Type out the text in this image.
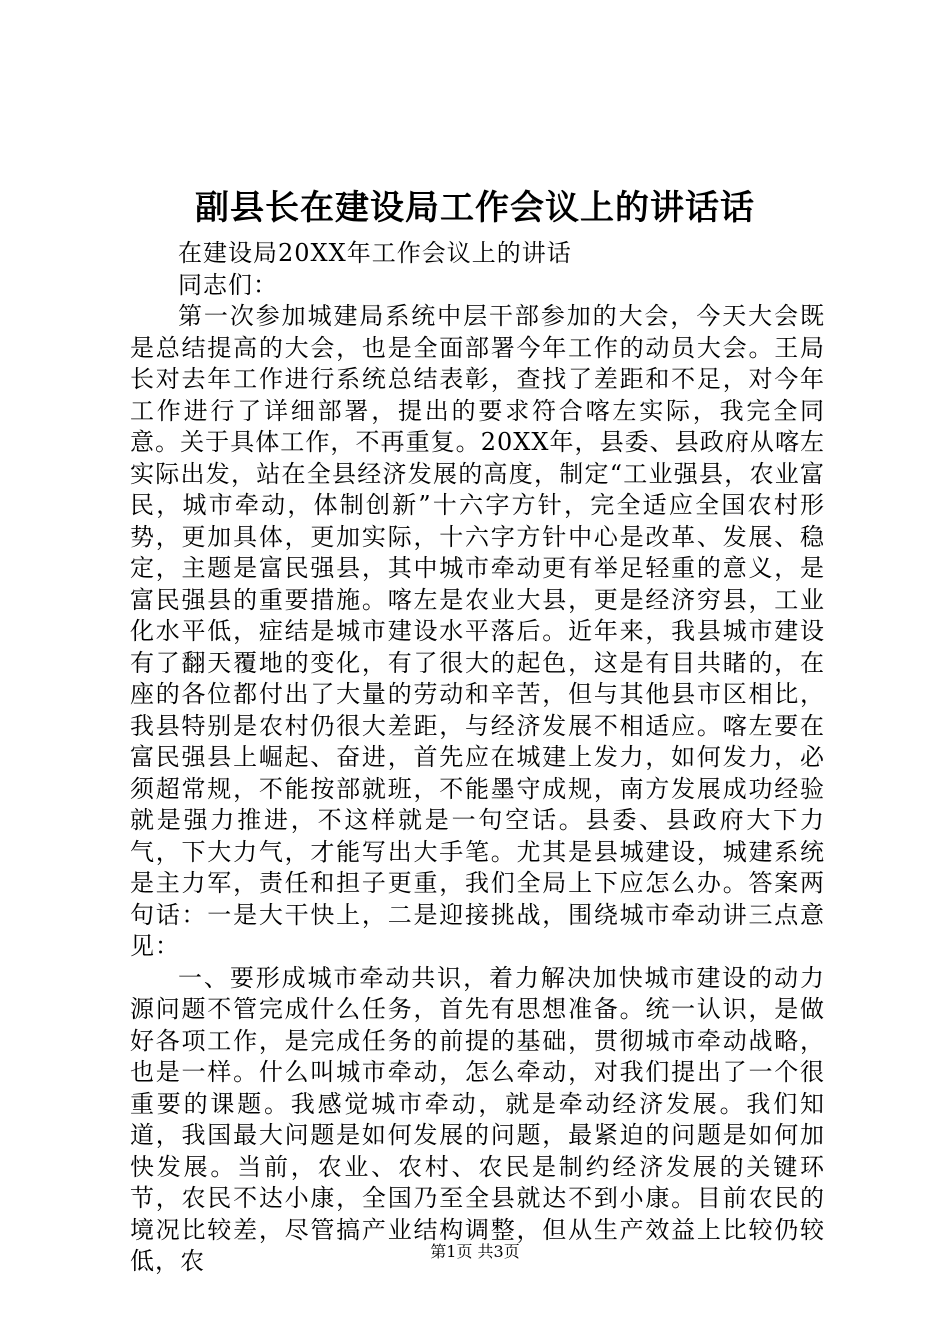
副县长在建设局工作会议上的讲话话

在建设局20XX年工作会议上的讲话

同志们：

第一次参加城建局系统中层干部参加的大会，今天大会既是总结提高的大会，也是全面部署今年工作的动员大会。王局长对去年工作进行系统总结表彰，查找了差距和不足，对今年工作进行了详细部署，提出的要求符合喀左实际，我完全同意。关于具体工作，不再重复。20XX年，县委、县政府从喀左实际出发，站在全县经济发展的高度，制定“工业强县，农业富民，城市牵动，体制创新”十六字方针，完全适应全国农村形势，更加具体，更加实际，十六字方针中心是改革、发展、稳定，主题是富民强县，其中城市牵动更有举足轻重的意义，是富民强县的重要措施。喀左是农业大县，更是经济穷县，工业化水平低，症结是城市建设水平落后。近年来，我县城市建设有了翻天覆地的变化，有了很大的起色，这是有目共睹的，在座的各位都付出了大量的劳动和辛苦，但与其他县市区相比，我县特别是农村仍很大差距，与经济发展不相适应。喀左要在富民强县上崛起、奋进，首先应在城建上发力，如何发力，必须超常规，不能按部就班，不能墨守成规，南方发展成功经验就是强力推进，不这样就是一句空话。县委、县政府大下力气，下大力气，才能写出大手笔。尤其是县城建设，城建系统是主力军，责任和担子更重，我们全局上下应怎么办。答案两句话：一是大干快上，二是迎接挑战，围绕城市牵动讲三点意见：

一、要形成城市牵动共识，着力解决加快城市建设的动力源问题不管完成什么任务，首先有思想准备。统一认识，是做好各项工作，是完成任务的前提的基础，贯彻城市牵动战略，也是一样。什么叫城市牵动，怎么牵动，对我们提出了一个很重要的课题。我感觉城市牵动，就是牵动经济发展。我们知道，我国最大问题是如何发展的问题，最紧迫的问题是如何加快发展。当前，农业、农村、农民是制约经济发展的关键环节，农民不达小康，全国乃至全县就达不到小康。目前农民的境况比较差，尽管搞产业结构调整，但从生产效益上比较仍较低，农	第1页 共3页
